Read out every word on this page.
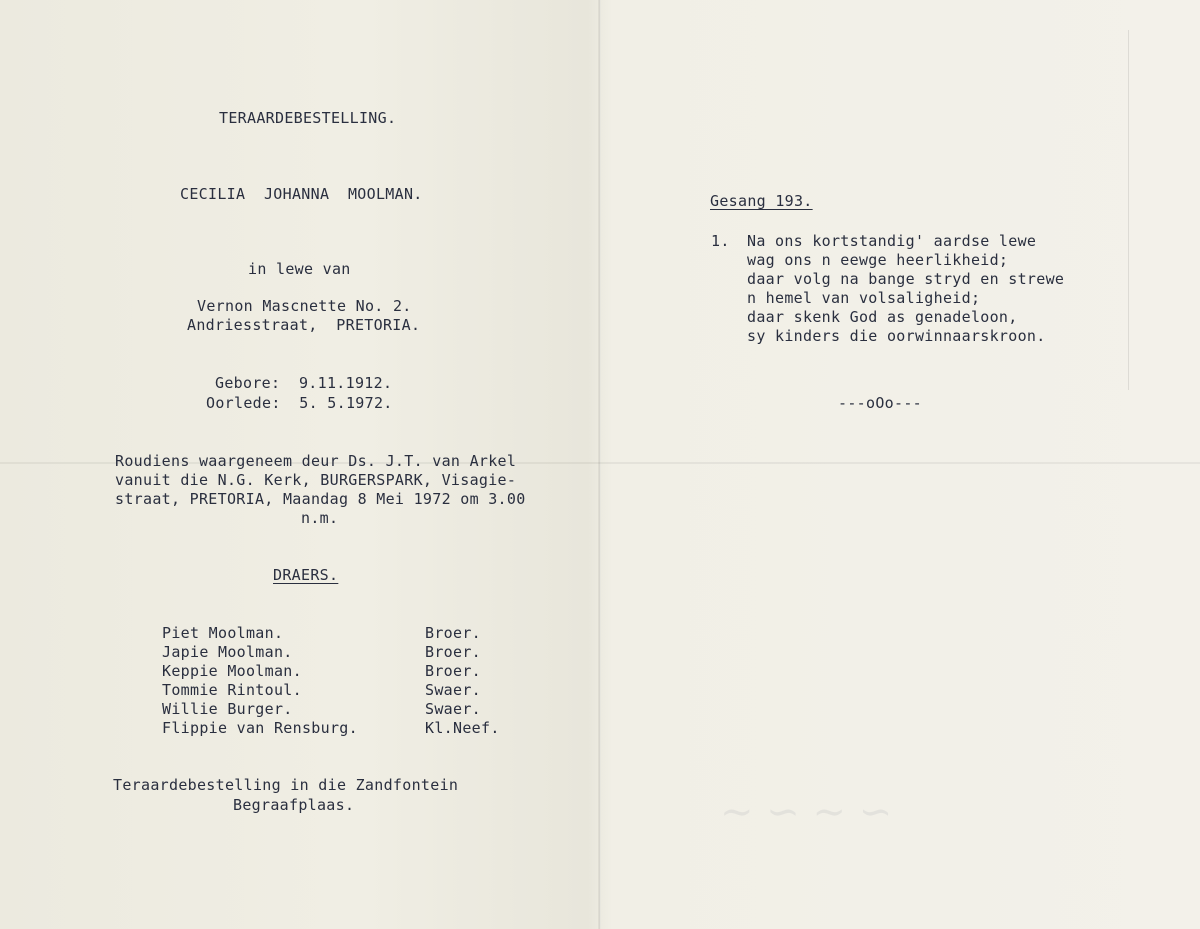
∽ ∼ ∽ ∼
TERAARDEBESTELLING.
CECILIA  JOHANNA  MOOLMAN.
in lewe van
Vernon Mascnette No. 2.
Andriesstraat,  PRETORIA.
Gebore:  9.11.1912.
Oorlede:  5. 5.1972.
Roudiens waargeneem deur Ds. J.T. van Arkel
vanuit die N.G. Kerk, BURGERSPARK, Visagie-
straat, PRETORIA, Maandag 8 Mei 1972 om 3.00
n.m.
DRAERS.
Piet Moolman.	Broer.
Japie Moolman.	Broer.
Keppie Moolman.	Broer.
Tommie Rintoul.	Swaer.
Willie Burger.	Swaer.
Flippie van Rensburg.	Kl.Neef.
Teraardebestelling in die Zandfontein
Begraafplaas.
Gesang 193.
1. Na ons kortstandig' aardse lewe
wag ons n eewge heerlikheid;
daar volg na bange stryd en strewe
n hemel van volsaligheid;
daar skenk God as genadeloon,
sy kinders die oorwinnaarskroon.
---oOo---
